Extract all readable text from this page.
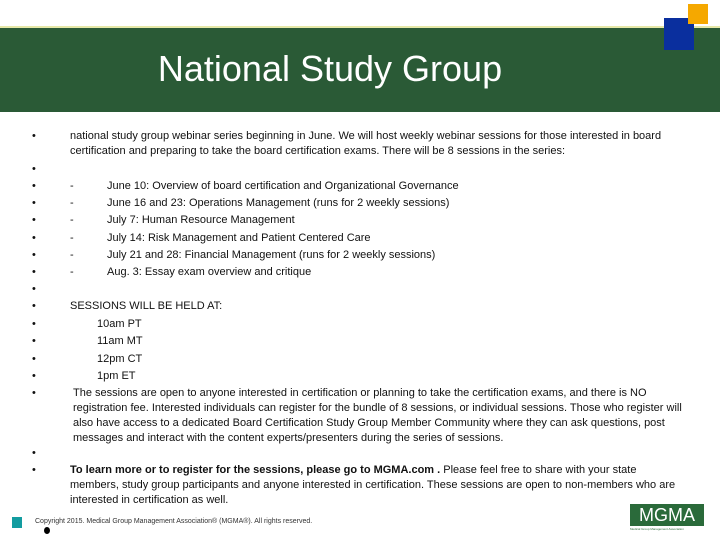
National Study Group
•	national study group webinar series beginning in June. We will host weekly webinar sessions for those interested in board certification and preparing to take the board certification exams. There will be 8 sessions in the series:
•
•	-	June 10: Overview of board certification and Organizational Governance
•	-	June 16 and 23: Operations Management (runs for 2 weekly sessions)
•	-	July 7: Human Resource Management
•	-	July 14: Risk Management and Patient Centered Care
•	-	July 21 and 28: Financial Management (runs for 2 weekly sessions)
•	-	Aug. 3: Essay exam overview and critique
•
•	SESSIONS WILL BE HELD AT:
•	10am PT
•	11am MT
•	12pm CT
•	1pm ET
•	The sessions are open to anyone interested in certification or planning to take the certification exams, and there is NO registration fee. Interested individuals can register for the bundle of 8 sessions, or individual sessions. Those who register will also have access to a dedicated Board Certification Study Group Member Community where they can ask questions, post messages and interact with the content experts/presenters during the series of sessions.
•
•	To learn more or to register for the sessions, please go to MGMA.com . Please feel free to share with your state members, study group participants and anyone interested in certification. These sessions are open to non-members who are interested in certification as well.
Copyright 2015. Medical Group Management Association® (MGMA®). All rights reserved.	MGMA
Medical Group Management Association
